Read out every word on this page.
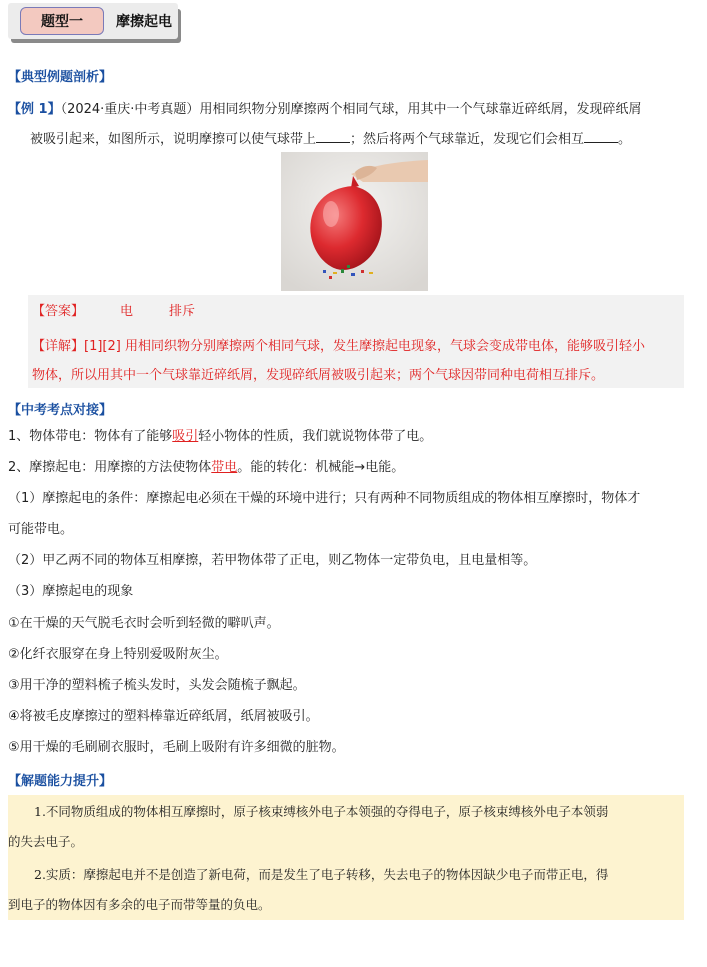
题型一	摩擦起电
【典型例题剖析】
【例 1】（2024·重庆·中考真题）用相同织物分别摩擦两个相同气球，用其中一个气球靠近碎纸屑，发现碎纸屑
被吸引起来，如图所示，说明摩擦可以使气球带上	；然后将两个气球靠近，发现它们会相互	。
【答案】	电	排斥
【详解】[1][2] 用相同织物分别摩擦两个相同气球，发生摩擦起电现象，气球会变成带电体，能够吸引轻小
物体，所以用其中一个气球靠近碎纸屑，发现碎纸屑被吸引起来；两个气球因带同种电荷相互排斥。
【中考考点对接】
1、物体带电：物体有了能够吸引轻小物体的性质，我们就说物体带了电。
2、摩擦起电：用摩擦的方法使物体带电。能的转化：机械能→电能。
（1）摩擦起电的条件：摩擦起电必须在干燥的环境中进行；只有两种不同物质组成的物体相互摩擦时，物体才
可能带电。
（2）甲乙两不同的物体互相摩擦，若甲物体带了正电，则乙物体一定带负电，且电量相等。
（3）摩擦起电的现象
①在干燥的天气脱毛衣时会听到轻微的噼叭声。
②化纤衣服穿在身上特别爱吸附灰尘。
③用干净的塑料梳子梳头发时，头发会随梳子飘起。
④将被毛皮摩擦过的塑料棒靠近碎纸屑，纸屑被吸引。
⑤用干燥的毛刷刷衣服时，毛刷上吸附有许多细微的脏物。
【解题能力提升】
1.不同物质组成的物体相互摩擦时，原子核束缚核外电子本领强的夺得电子，原子核束缚核外电子本领弱
的失去电子。
2.实质：摩擦起电并不是创造了新电荷，而是发生了电子转移，失去电子的物体因缺少电子而带正电，得
到电子的物体因有多余的电子而带等量的负电。
